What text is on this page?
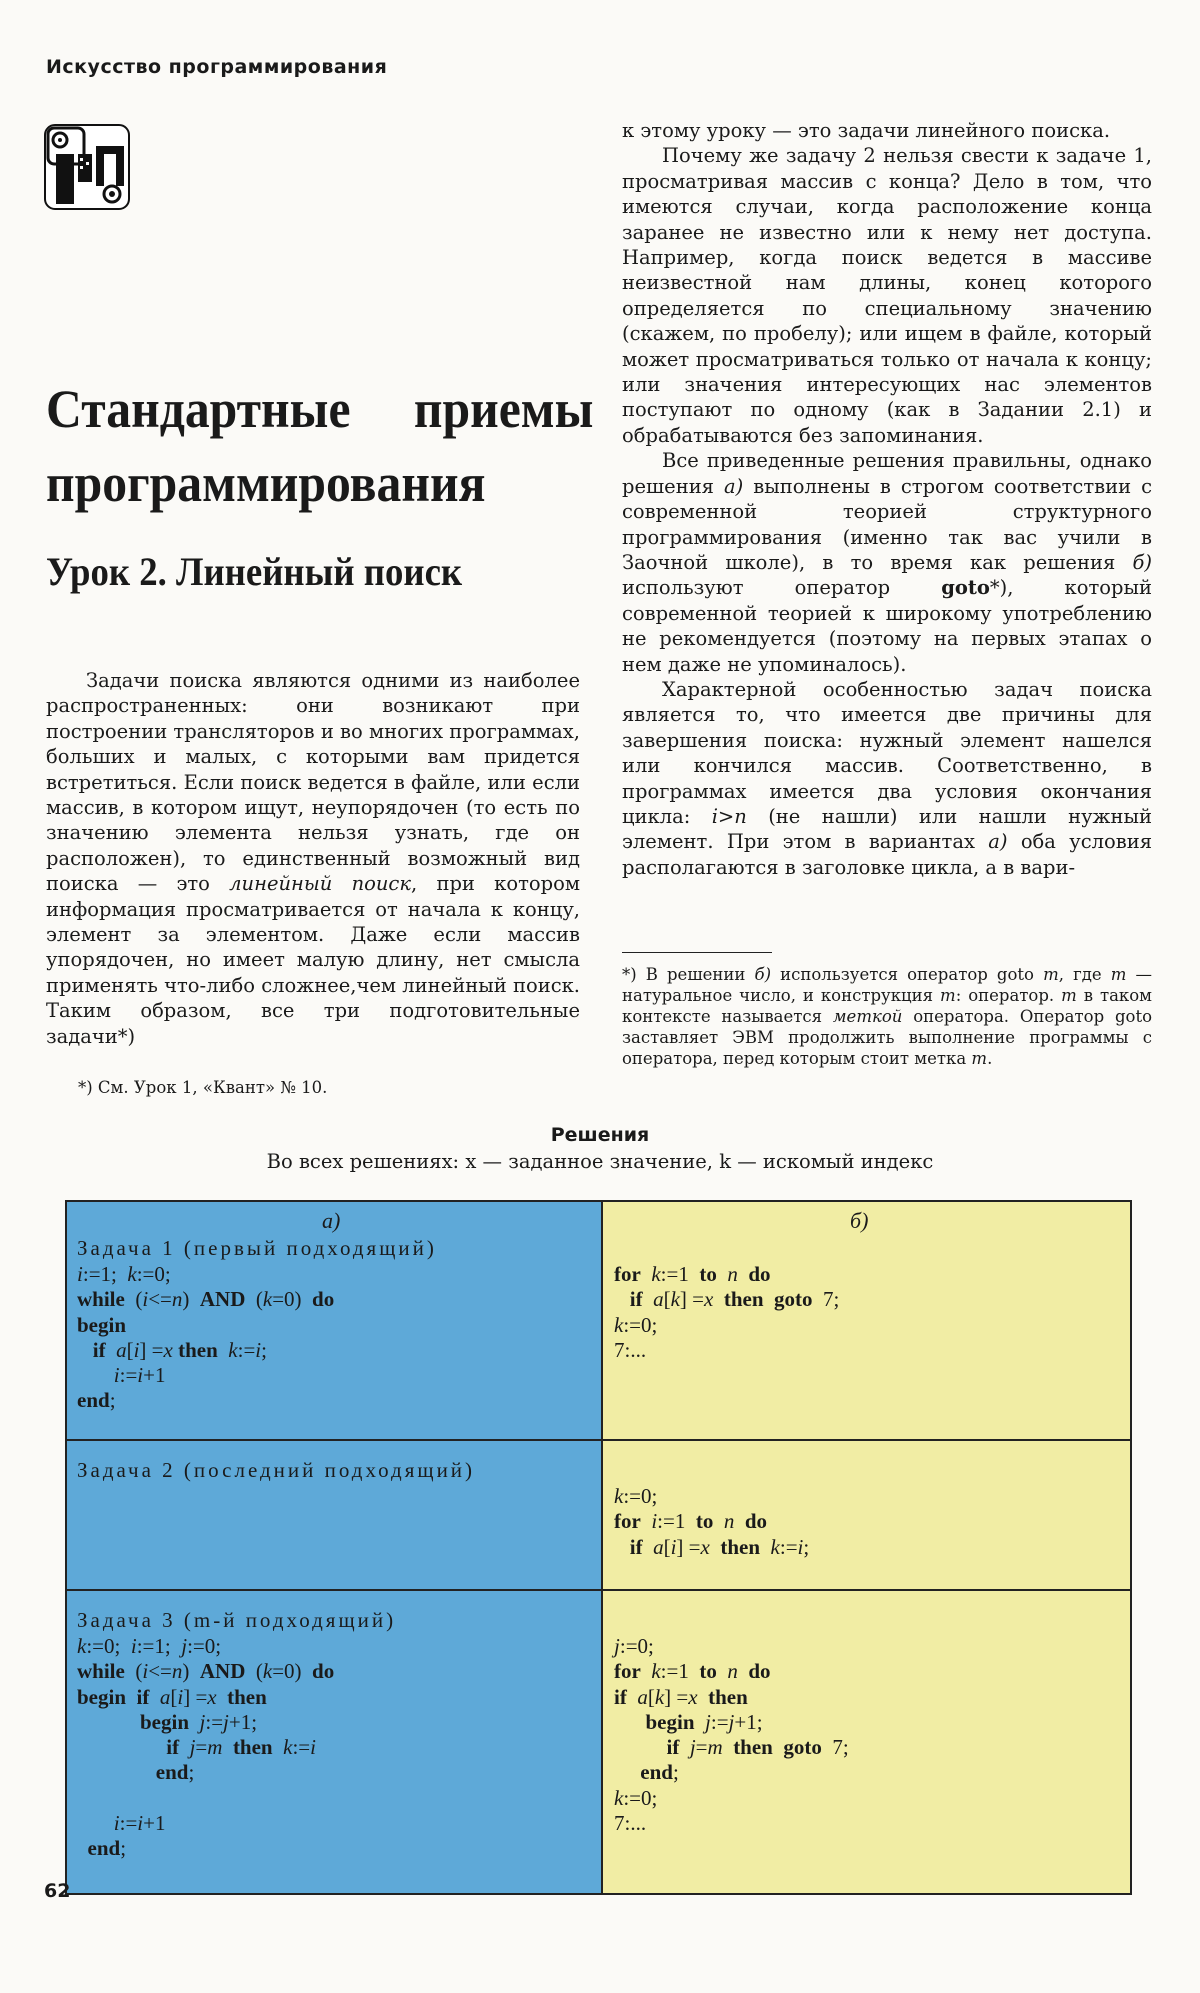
Искусство программирования
Стандартные приемы
программирования
Урок 2. Линейный поиск

Задачи поиска являются одними из наиболее распространенных: они возникают при построении трансляторов и во многих программах, больших и малых, с которыми вам придется встретиться. Если поиск ведется в файле, или если массив, в котором ищут, неупорядочен (то есть по значению элемента нельзя узнать, где он расположен), то единственный возможный вид поиска — это линейный поиск, при котором информация просматривается от начала к концу, элемент за элементом. Даже если массив упорядочен, но имеет малую длину, нет смысла применять что-либо сложнее,чем линейный поиск. Таким образом, все три подготовительные задачи*)

*) См. Урок 1, «Квант» № 10.

к этому уроку — это задачи линейного поиска.

Почему же задачу 2 нельзя свести к задаче 1, просматривая массив с конца? Дело в том, что имеются случаи, когда расположение конца заранее не известно или к нему нет доступа. Например, когда поиск ведется в массиве неизвестной нам длины, конец которого определяется по специальному значению (скажем, по пробелу); или ищем в файле, который может просматриваться только от начала к концу; или значения интересующих нас элементов поступают по одному (как в Задании 2.1) и обрабатываются без запоминания.

Все приведенные решения правильны, однако решения а) выполнены в строгом соответствии с современной теорией структурного программирования (именно так вас учили в Заочной школе), в то время как решения б) используют оператор	goto*), который современной теорией к широкому употреблению не рекомендуется (поэтому на первых этапах о нем даже не упоминалось).

Характерной особенностью задач поиска является то, что имеется две причины для завершения поиска: нужный элемент нашелся или кончился массив. Соответственно, в программах имеется два условия окончания цикла: i>n (не нашли) или нашли нужный элемент. При этом в вариантах а) оба условия располагаются в заголовке цикла, а в вари-

*) В решении б) используется оператор goto m, где m — натуральное число, и конструкция m: оператор. m в таком контексте называется меткой оператора. Оператор goto заставляет ЭВМ продолжить выполнение программы с оператора, перед которым стоит метка m.
Решения
Во всех решениях: x — заданное значение, k — искомый индекс
а)
Задача 1 (первый подходящий)
i:=1; k:=0;
while (i<=n) AND (k=0) do
begin
if a[i] =x then k:=i;
i:=i+1
end;
б)
for k:=1 to n do
if a[k] =x then goto 7;
k:=0;
7:...
Задача 2 (последний подходящий)
k:=0;
for i:=1 to n do
if a[i] =x then k:=i;
Задача 3 (m-й подходящий)
k:=0; i:=1; j:=0;
while (i<=n) AND (k=0) do
begin if a[i] =x then
begin j:=j+1;
if j=m then k:=i
end;
i:=i+1
end;
j:=0;
for k:=1 to n do
if a[k] =x then
begin j:=j+1;
if j=m then goto 7;
end;
k:=0;
7:...
62
